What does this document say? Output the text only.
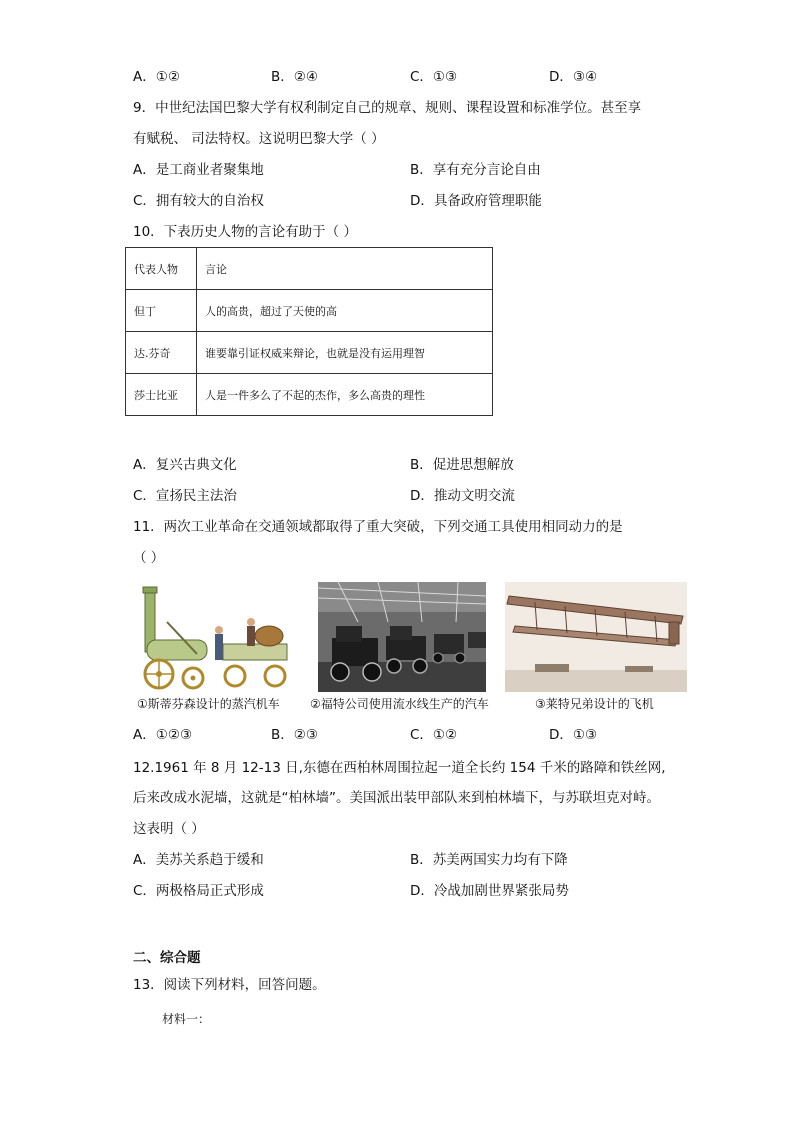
A．①②	B．②④	C．①③	D．③④
9．中世纪法国巴黎大学有权利制定自己的规章、规则、课程设置和标准学位。甚至享
有赋税、 司法特权。这说明巴黎大学（ ）
A．是工商业者聚集地	B．享有充分言论自由
C．拥有较大的自治权	D．具备政府管理职能
10．下表历史人物的言论有助于（ ）
代表人物	言论
但丁	人的高贵，超过了天使的高
达.芬奇	谁要靠引证权威来辩论，也就是没有运用理智
莎士比亚	人是一件多么了不起的杰作，多么高贵的理性
A．复兴古典文化	B．促进思想解放
C．宣扬民主法治	D．推动文明交流
11．两次工业革命在交通领域都取得了重大突破，下列交通工具使用相同动力的是
（ ）
①斯蒂芬森设计的蒸汽机车	②福特公司使用流水线生产的汽车	③莱特兄弟设计的飞机
A．①②③	B．②③	C．①②	D．①③
12.1961 年 8 月 12-13 日,东德在西柏林周围拉起一道全长约 154 千米的路障和铁丝网,
后来改成水泥墙，这就是“柏林墙”。美国派出装甲部队来到柏林墙下，与苏联坦克对峙。
这表明（ ）
A．美苏关系趋于缓和	B．苏美两国实力均有下降
C．两极格局正式形成	D．冷战加剧世界紧张局势
二、综合题
13．阅读下列材料，回答问题。
材料一：
